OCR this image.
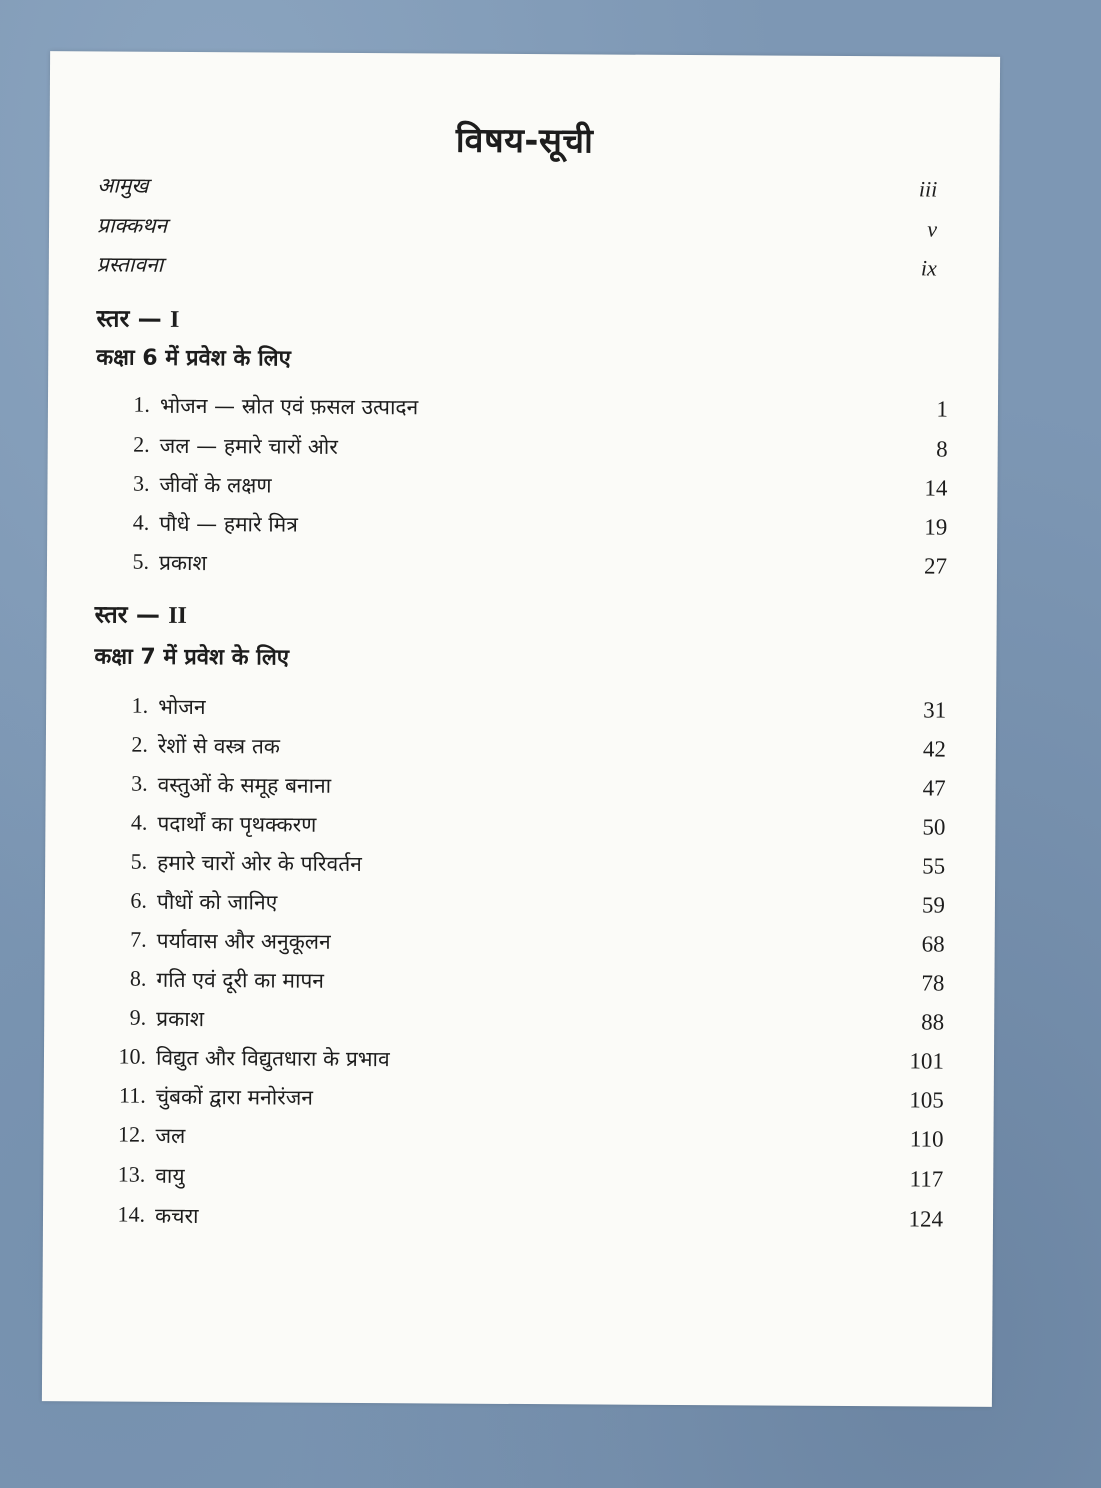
विषय-सूची
आमुख	iii
प्राक्कथन	v
प्रस्तावना	ix
स्तर — I
कक्षा 6 में प्रवेश के लिए
1. भोजन — स्रोत एवं फ़सल उत्पादन	1
2. जल — हमारे चारों ओर	8
3. जीवों के लक्षण	14
4. पौधे — हमारे मित्र	19
5. प्रकाश	27
स्तर — II
कक्षा 7 में प्रवेश के लिए
1. भोजन	31
2. रेशों से वस्त्र तक	42
3. वस्तुओं के समूह बनाना	47
4. पदार्थों का पृथक्करण	50
5. हमारे चारों ओर के परिवर्तन	55
6. पौधों को जानिए	59
7. पर्यावास और अनुकूलन	68
8. गति एवं दूरी का मापन	78
9. प्रकाश	88
10. विद्युत और विद्युतधारा के प्रभाव	101
11. चुंबकों द्वारा मनोरंजन	105
12. जल	110
13. वायु	117
14. कचरा	124
